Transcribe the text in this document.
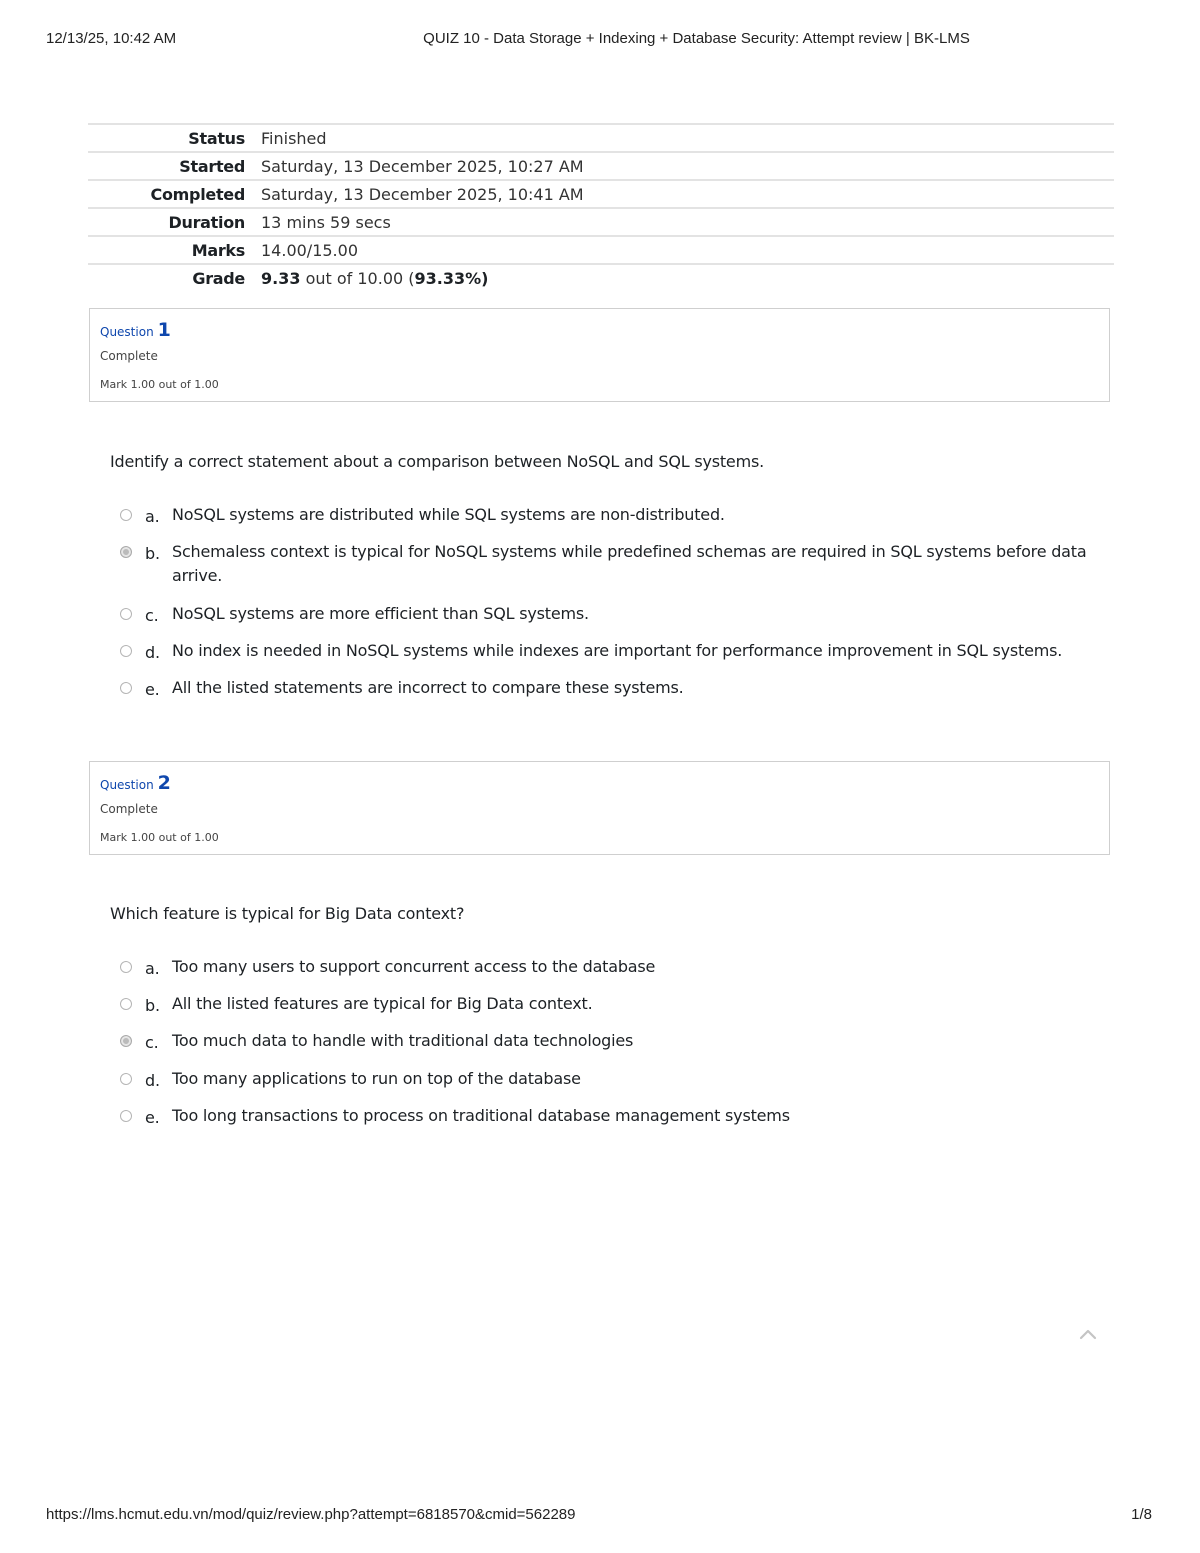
12/13/25, 10:42 AM	QUIZ 10 - Data Storage + Indexing + Database Security: Attempt review | BK-LMS
Status	Finished
Started	Saturday, 13 December 2025, 10:27 AM
Completed	Saturday, 13 December 2025, 10:41 AM
Duration	13 mins 59 secs
Marks	14.00/15.00
Grade	9.33 out of 10.00 (93.33%)
Question 1
Complete
Mark 1.00 out of 1.00
Identify a correct statement about a comparison between NoSQL and SQL systems.
a. NoSQL systems are distributed while SQL systems are non-distributed.
b. Schemaless context is typical for NoSQL systems while predefined schemas are required in SQL systems before data arrive.
c. NoSQL systems are more efficient than SQL systems.
d. No index is needed in NoSQL systems while indexes are important for performance improvement in SQL systems.
e. All the listed statements are incorrect to compare these systems.
Question 2
Complete
Mark 1.00 out of 1.00
Which feature is typical for Big Data context?
a. Too many users to support concurrent access to the database
b. All the listed features are typical for Big Data context.
c. Too much data to handle with traditional data technologies
d. Too many applications to run on top of the database
e. Too long transactions to process on traditional database management systems
https://lms.hcmut.edu.vn/mod/quiz/review.php?attempt=6818570&cmid=562289	1/8
